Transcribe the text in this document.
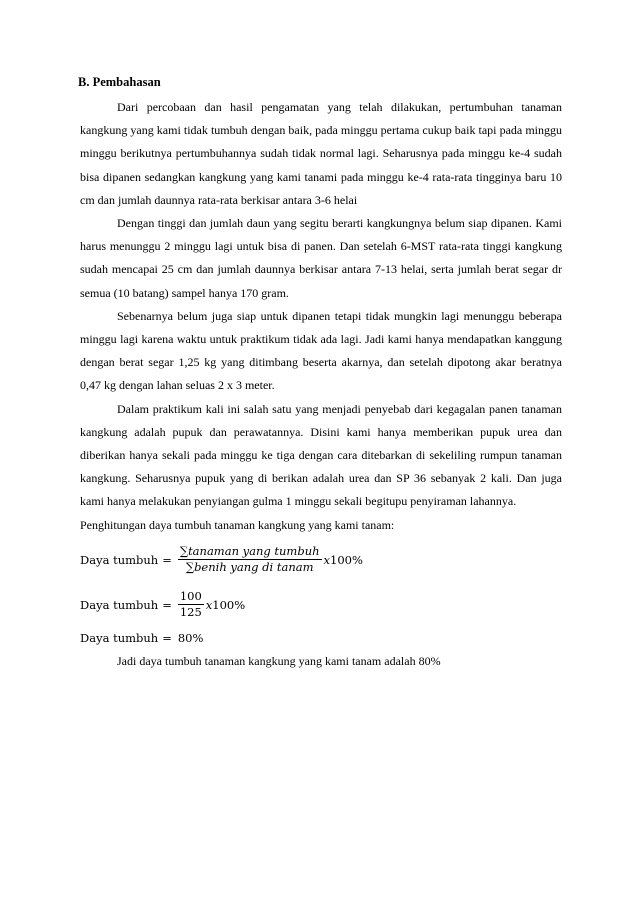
B. Pembahasan

Dari percobaan dan hasil pengamatan yang telah dilakukan, pertumbuhan tanaman kangkung yang kami tidak tumbuh dengan baik, pada minggu pertama cukup baik tapi pada minggu minggu berikutnya pertumbuhannya sudah tidak normal lagi. Seharusnya pada minggu ke-4 sudah bisa dipanen sedangkan kangkung yang kami tanami pada minggu ke-4 rata-rata tingginya baru 10 cm dan jumlah daunnya rata-rata berkisar antara 3-6 helai

Dengan tinggi dan jumlah daun yang segitu berarti kangkungnya belum siap dipanen. Kami harus menunggu 2 minggu lagi untuk bisa di panen. Dan setelah 6-MST rata-rata tinggi kangkung sudah mencapai 25 cm dan jumlah daunnya berkisar antara 7-13 helai, serta jumlah berat segar dr semua (10 batang) sampel hanya 170 gram.

Sebenarnya belum juga siap untuk dipanen tetapi tidak mungkin lagi menunggu beberapa minggu lagi karena waktu untuk praktikum tidak ada lagi. Jadi kami hanya mendapatkan kanggung dengan berat segar 1,25 kg yang ditimbang beserta akarnya, dan setelah dipotong akar beratnya 0,47 kg dengan lahan seluas 2 x 3 meter.

Dalam praktikum kali ini salah satu yang menjadi penyebab dari kegagalan panen tanaman kangkung adalah pupuk dan perawatannya. Disini kami hanya memberikan pupuk urea dan diberikan hanya sekali pada minggu ke tiga dengan cara ditebarkan di sekeliling rumpun tanaman kangkung. Seharusnya pupuk yang di berikan adalah urea dan SP 36 sebanyak 2 kali. Dan juga kami hanya melakukan penyiangan gulma 1 minggu sekali begitupu penyiraman lahannya.

Penghitungan daya tumbuh tanaman kangkung yang kami tanam:

Daya tumbuh = $\frac{\text{∑tanaman yang tumbuh}}{\text{∑benih yang di tanam}} x100\%$
Daya tumbuh = $\frac{100}{125} x100\%$
Daya tumbuh = 80%

Jadi daya tumbuh tanaman kangkung yang kami tanam adalah 80%
